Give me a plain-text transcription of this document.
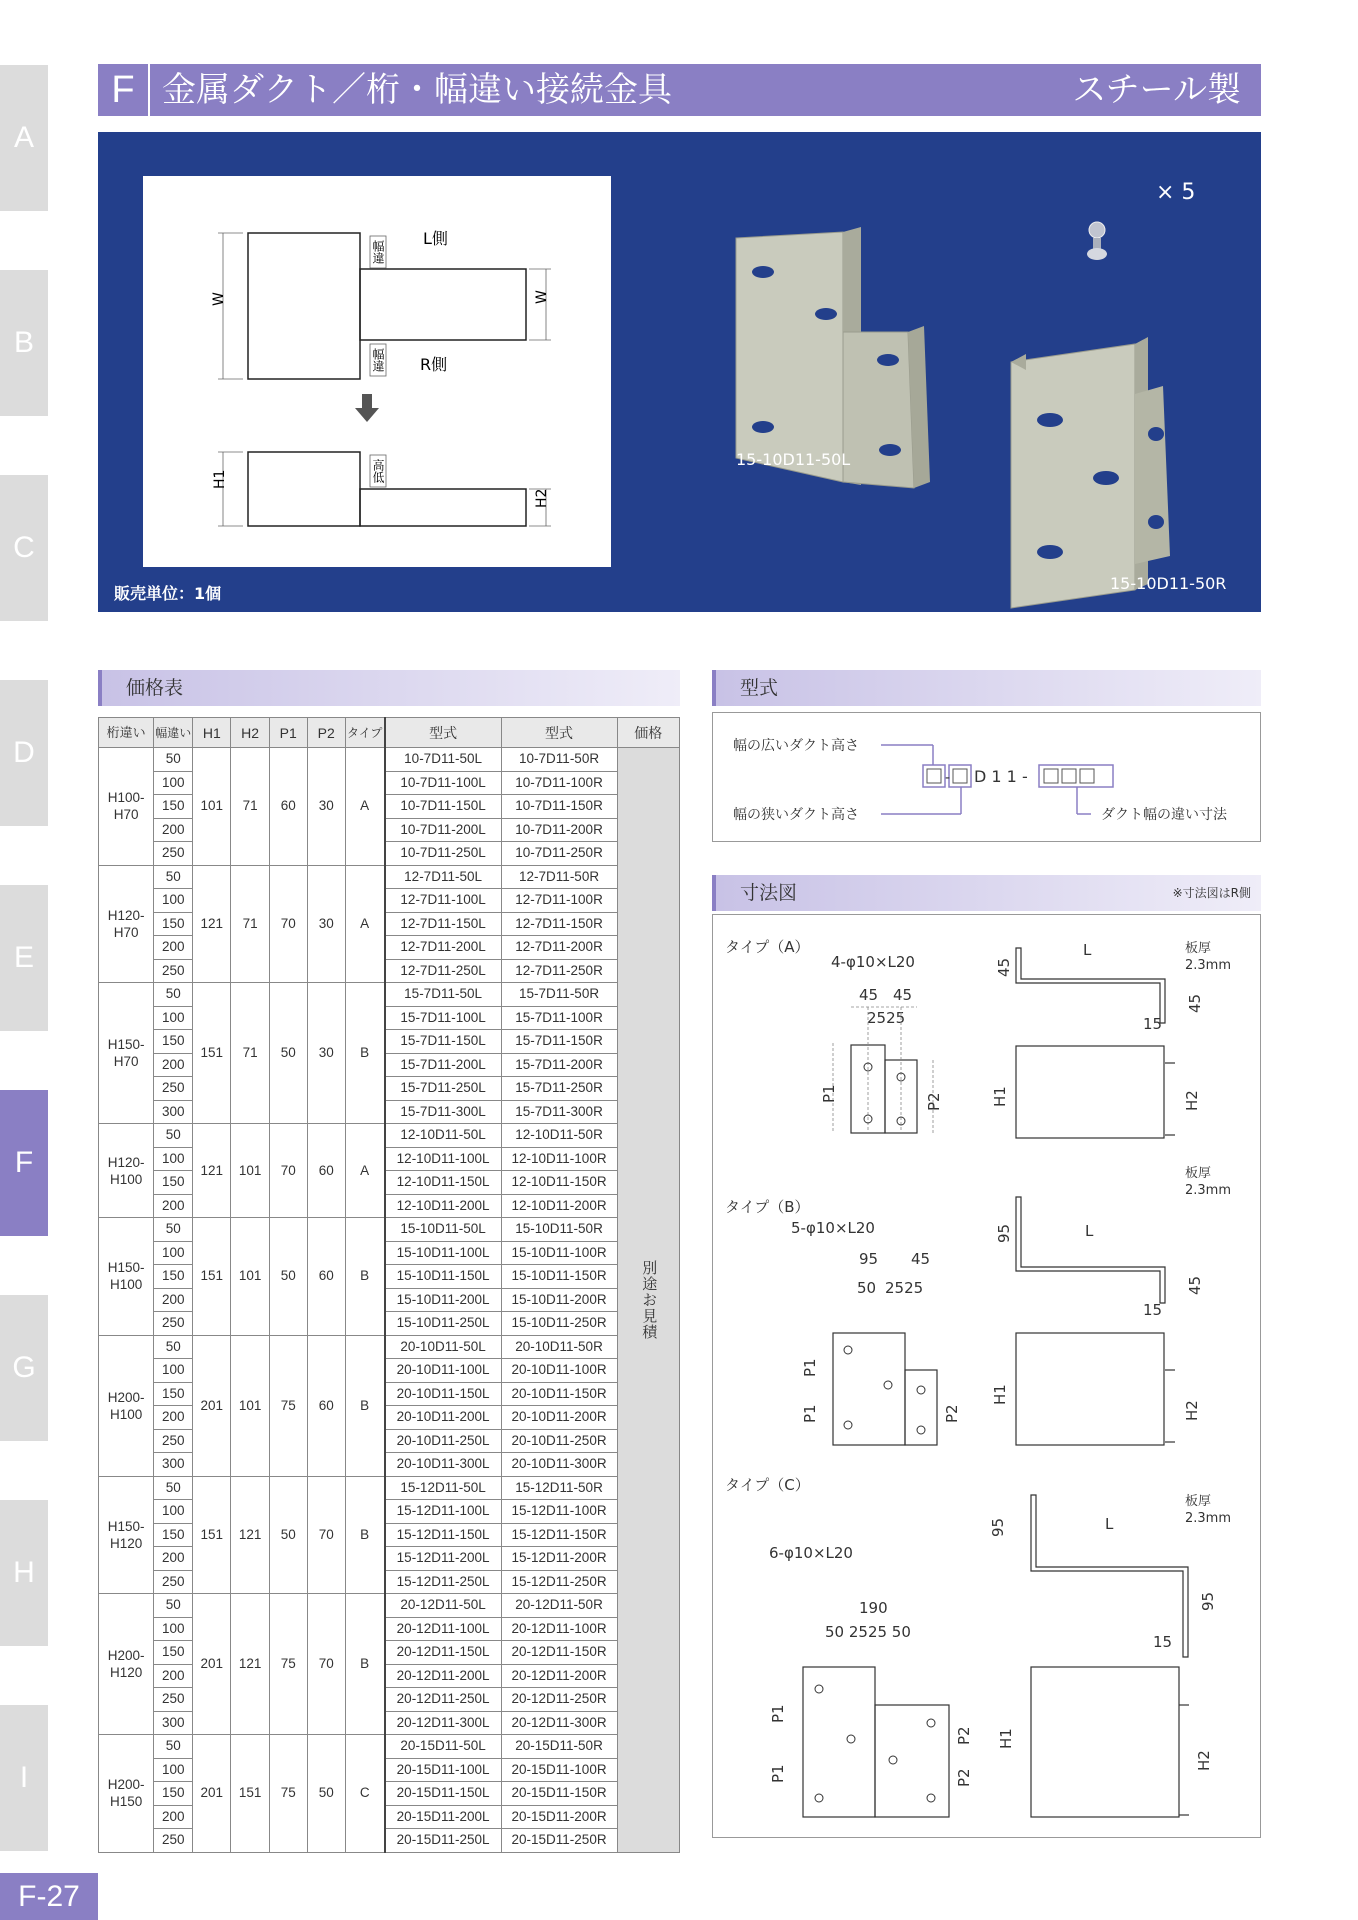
A
B
C
D
E
F
G
H
I
F-27
F 金属ダクト／桁・幅違い接続金具	スチール製
W	W
幅違
幅違
高低
L側
R側
H1
H2
販売単位：1個
× 5
15-10D11-50L
15-10D11-50R
価格表
桁違い	幅違い	H1	H2	P1	P2	タイプ	型式	型式	価格

H100-
H70	50	101	71	60	30	A	10-7D11-50L	10-7D11-50R	別途お見積
	100						10-7D11-100L	10-7D11-100R	
	150						10-7D11-150L	10-7D11-150R	
	200						10-7D11-200L	10-7D11-200R	
	250						10-7D11-250L	10-7D11-250R	

H120-
H70	50	121	71	70	30	A	12-7D11-50L	12-7D11-50R	
	100						12-7D11-100L	12-7D11-100R	
	150						12-7D11-150L	12-7D11-150R	
	200						12-7D11-200L	12-7D11-200R	
	250						12-7D11-250L	12-7D11-250R	

H150-
H70	50	151	71	50	30	B	15-7D11-50L	15-7D11-50R	
	100						15-7D11-100L	15-7D11-100R	
	150						15-7D11-150L	15-7D11-150R	
	200						15-7D11-200L	15-7D11-200R	
	250						15-7D11-250L	15-7D11-250R	
	300						15-7D11-300L	15-7D11-300R	

H120-
H100	50	121	101	70	60	A	12-10D11-50L	12-10D11-50R	
	100						12-10D11-100L	12-10D11-100R	
	150						12-10D11-150L	12-10D11-150R	
	200						12-10D11-200L	12-10D11-200R	

H150-
H100	50	151	101	50	60	B	15-10D11-50L	15-10D11-50R	
	100						15-10D11-100L	15-10D11-100R	
	150						15-10D11-150L	15-10D11-150R	
	200						15-10D11-200L	15-10D11-200R	
	250						15-10D11-250L	15-10D11-250R	

H200-
H100	50	201	101	75	60	B	20-10D11-50L	20-10D11-50R	
	100						20-10D11-100L	20-10D11-100R	
	150						20-10D11-150L	20-10D11-150R	
	200						20-10D11-200L	20-10D11-200R	
	250						20-10D11-250L	20-10D11-250R	
	300						20-10D11-300L	20-10D11-300R	

H150-
H120	50	151	121	50	70	B	15-12D11-50L	15-12D11-50R	
	100						15-12D11-100L	15-12D11-100R	
	150						15-12D11-150L	15-12D11-150R	
	200						15-12D11-200L	15-12D11-200R	
	250						15-12D11-250L	15-12D11-250R	

H200-
H120	50	201	121	75	70	B	20-12D11-50L	20-12D11-50R	
	100						20-12D11-100L	20-12D11-100R	
	150						20-12D11-150L	20-12D11-150R	
	200						20-12D11-200L	20-12D11-200R	
	250						20-12D11-250L	20-12D11-250R	
	300						20-12D11-300L	20-12D11-300R	

H200-
H150	50	201	151	75	50	C	20-15D11-50L	20-15D11-50R	
	100						20-15D11-100L	20-15D11-100R	
	150						20-15D11-150L	20-15D11-150R	
	200						20-15D11-200L	20-15D11-200R	
	250						20-15D11-250L	20-15D11-250R	
型式
-
幅の広いダクト高さ
幅の狭いダクト高さ
D 1 1 -
ダクト幅の違い寸法
寸法図	※寸法図はR側
タイプ（A）
4-φ10×L20
45 45
2525
P1	P2
L	板厚
2.3mm
45
45
15
H1	H2
タイプ（B）
5-φ10×L20
95 45
50 2525
P1
P1	P2
L
板厚
2.3mm
95
45
15
H1
H2
タイプ（C）
6-φ10×L20
190
50 2525 50
P1
P1
P2
P2
L
板厚
2.3mm
95
95
15
H1
H2
